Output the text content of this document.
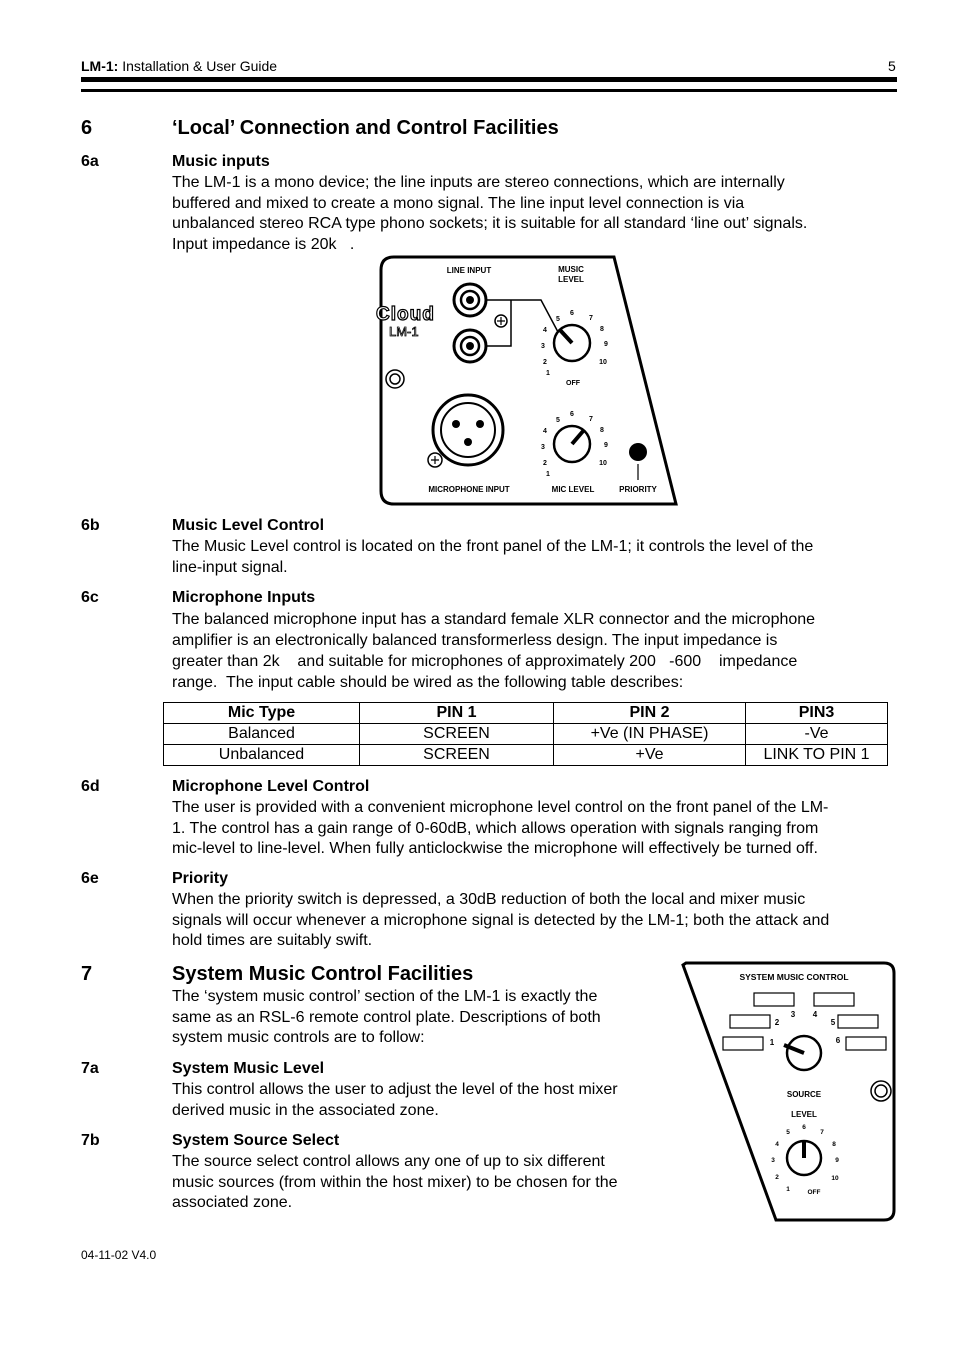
LM-1: Installation & User Guide	5
6	‘Local’ Connection and Control Facilities
6a	Music inputs
The LM-1 is a mono device; the line inputs are stereo connections, which are internally
buffered and mixed to create a mono signal. The line input level connection is via
unbalanced stereo RCA type phono sockets; it is suitable for all standard ‘line out’ signals.
Input impedance is 20k   .
LINE INPUT	MUSIC
LEVEL
Cloud
LM-1
1
2
3
4
5
6
7
8
9
10
OFF
1
2
3
4
5
6
7
8
9
10
MICROPHONE INPUT	MIC LEVEL	PRIORITY
6b	Music Level Control
The Music Level control is located on the front panel of the LM-1; it controls the level of the
line-input signal.
6c	Microphone Inputs
The balanced microphone input has a standard female XLR connector and the microphone
amplifier is an electronically balanced transformerless design. The input impedance is
greater than 2k    and suitable for microphones of approximately 200   -600    impedance
range.  The input cable should be wired as the following table describes:
Mic Type	PIN 1	PIN 2	PIN3
Balanced	SCREEN	+Ve (IN PHASE)	-Ve
Unbalanced	SCREEN	+Ve	LINK TO PIN 1
6d	Microphone Level Control
The user is provided with a convenient microphone level control on the front panel of the LM-
1. The control has a gain range of 0-60dB, which allows operation with signals ranging from
mic-level to line-level. When fully anticlockwise the microphone will effectively be turned off.
6e	Priority
When the priority switch is depressed, a 30dB reduction of both the local and mixer music
signals will occur whenever a microphone signal is detected by the LM-1; both the attack and
hold times are suitably swift.
7	System Music Control Facilities
The ‘system music control’ section of the LM-1 is exactly the
same as an RSL-6 remote control plate. Descriptions of both
system music controls are to follow:
7a	System Music Level
This control allows the user to adjust the level of the host mixer
derived music in the associated zone.
7b	System Source Select
The source select control allows any one of up to six different
music sources (from within the host mixer) to be chosen for the
associated zone.
SYSTEM MUSIC CONTROL
1
2
3 4
5
6
SOURCE
LEVEL
1
2
3
4
5
6
7
8
9
10
OFF
04-11-02 V4.0
